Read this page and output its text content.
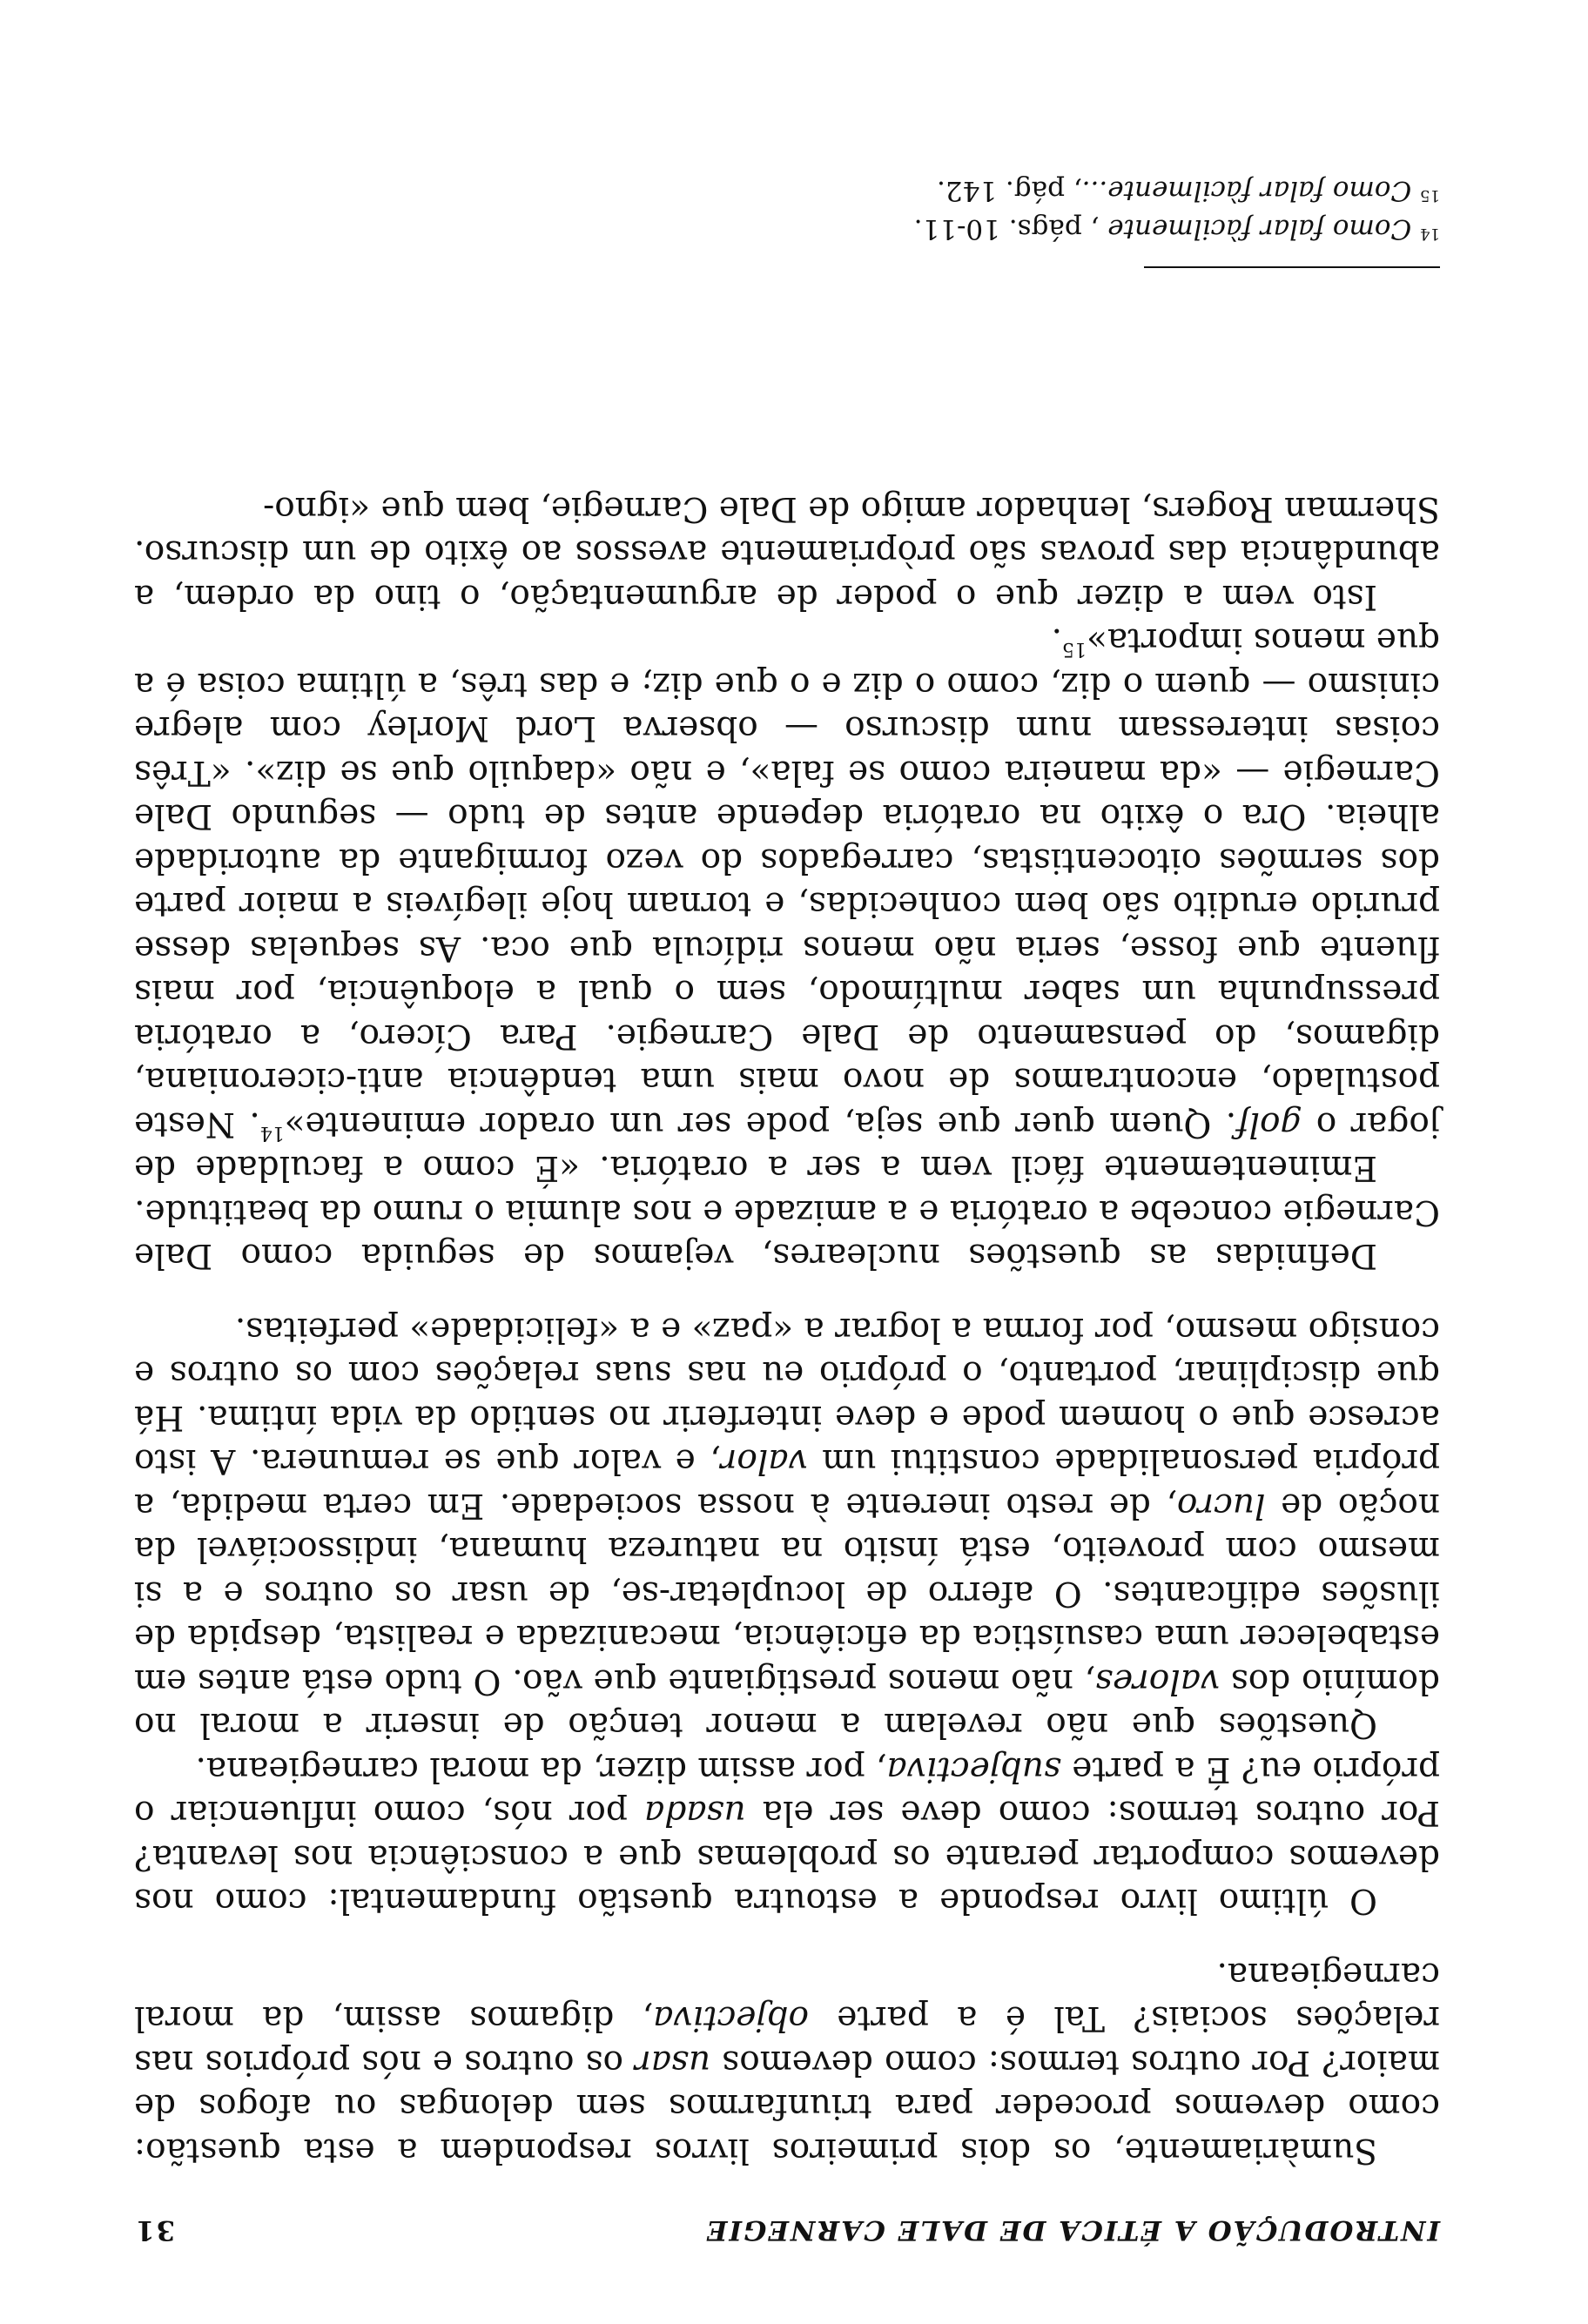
INTRODUÇÃO A ÉTICA DE DALE CARNEGIE
31

Sumàriamente, os dois primeiros livros respondem a esta questão: como devemos proceder para triunfarmos sem delongas ou afogos de maior? Por outros termos: como devemos usar os outros e nós próprios nas relações sociais? Tal é a parte objectiva, digamos assim, da moral carnegieana.

O último livro responde a estoutra questão fundamental: como nos devemos comportar perante os problemas que a consciência nos levanta? Por outros termos: como deve ser ela usada por nós, como influenciar o próprio eu? É a parte subjectiva, por assim dizer, da moral carnegieana.

Questões que não revelam a menor tenção de inserir a moral no domínio dos valores, não menos prestigiante que vão. O tudo está antes em estabelecer uma casuística da eficiência, mecanizada e realista, despida de ilusões edificantes. O aferro de locupletar-se, de usar os outros e a si mesmo com proveito, está ínsito na natureza humana, indissociável da noção de lucro, de resto inerente à nossa sociedade. Em certa medida, a própria personalidade constitui um valor, e valor que se remunera. A isto acresce que o homem pode e deve interferir no sentido da vida íntima. Há que disciplinar, portanto, o próprio eu nas suas relações com os outros e consigo mesmo, por forma a lograr a «paz» e a «felicidade» perfeitas.

Definidas as questões nucleares, vejamos de seguida como Dale Carnegie concebe a oratória e a amizade e nos alumia o rumo da beatitude.

Eminentemente fácil vem a ser a oratória. «É como a faculdade de jogar o golf. Quem quer que seja, pode ser um orador eminente»$^{14}$. Neste postulado, encontramos de novo mais uma tendência anti-ciceroniana, digamos, do pensamento de Dale Carnegie. Para Cícero, a oratória pressupunha um saber multímodo, sem o qual a eloquência, por mais fluente que fosse, seria não menos ridícula que oca. As sequelas desse prurido erudito são bem conhecidas, e tornam hoje ilegíveis a maior parte dos sermões oitocentistas, carregados do vezo formigante da autoridade alheia. Ora o êxito na oratória depende antes de tudo — segundo Dale Carnegie — «da maneira como se fala», e não «daquilo que se diz». «Três coisas interessam num discurso — observa Lord Morley com alegre cinismo — quem o diz, como o diz e o que diz; e das três, a última coisa é a que menos importa»$^{15}$.

Isto vem a dizer que o poder de argumentação, o tino da ordem, a abundância das provas são pròpriamente avessos ao êxito de um discurso. Sherman Rogers, lenhador amigo de Dale Carnegie, bem que «igno-

$^{14}$ Como falar fàcilmente , págs. 10-11.

$^{15}$ Como falar fàcilmente..., pág. 142.
